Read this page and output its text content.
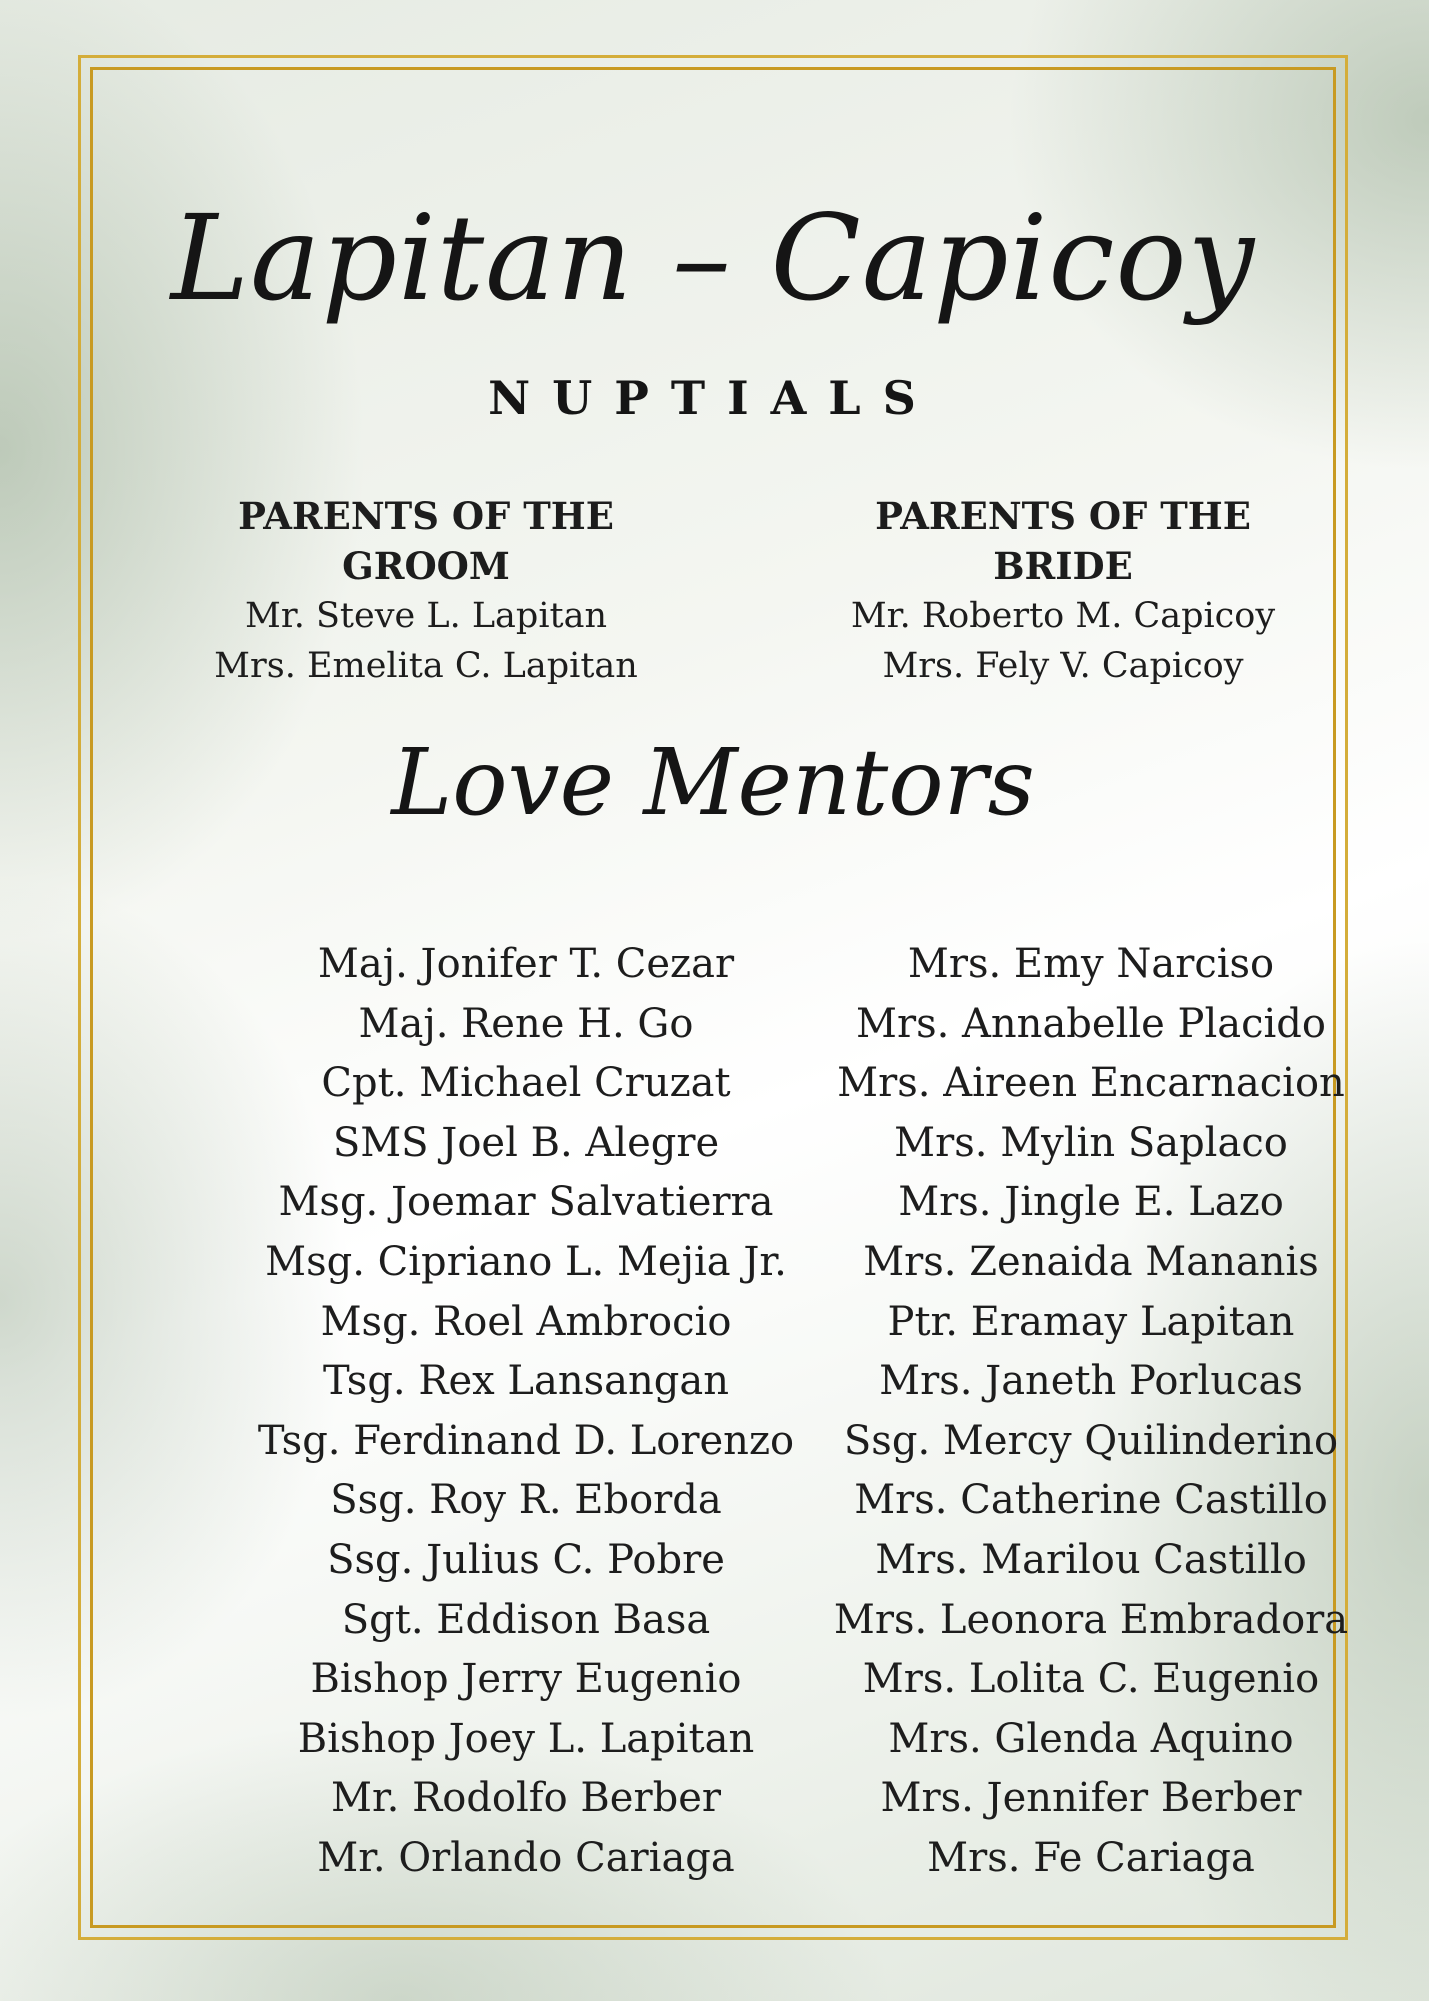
Lapitan – Capicoy
NUPTIALS
PARENTS OF THE GROOM
Mr. Steve L. Lapitan
Mrs. Emelita C. Lapitan
PARENTS OF THE BRIDE
Mr. Roberto M. Capicoy
Mrs. Fely V. Capicoy
Love Mentors
Maj. Jonifer T. Cezar
Maj. Rene H. Go
Cpt. Michael Cruzat
SMS Joel B. Alegre
Msg. Joemar Salvatierra
Msg. Cipriano L. Mejia Jr.
Msg. Roel Ambrocio
Tsg. Rex Lansangan
Tsg. Ferdinand D. Lorenzo
Ssg. Roy R. Eborda
Ssg. Julius C. Pobre
Sgt. Eddison Basa
Bishop Jerry Eugenio
Bishop Joey L. Lapitan
Mr. Rodolfo Berber
Mr. Orlando Cariaga
Mrs. Emy Narciso
Mrs. Annabelle Placido
Mrs. Aireen Encarnacion
Mrs. Mylin Saplaco
Mrs. Jingle E. Lazo
Mrs. Zenaida Mananis
Ptr. Eramay Lapitan
Mrs. Janeth Porlucas
Ssg. Mercy Quilinderino
Mrs. Catherine Castillo
Mrs. Marilou Castillo
Mrs. Leonora Embradora
Mrs. Lolita C. Eugenio
Mrs. Glenda Aquino
Mrs. Jennifer Berber
Mrs. Fe Cariaga
